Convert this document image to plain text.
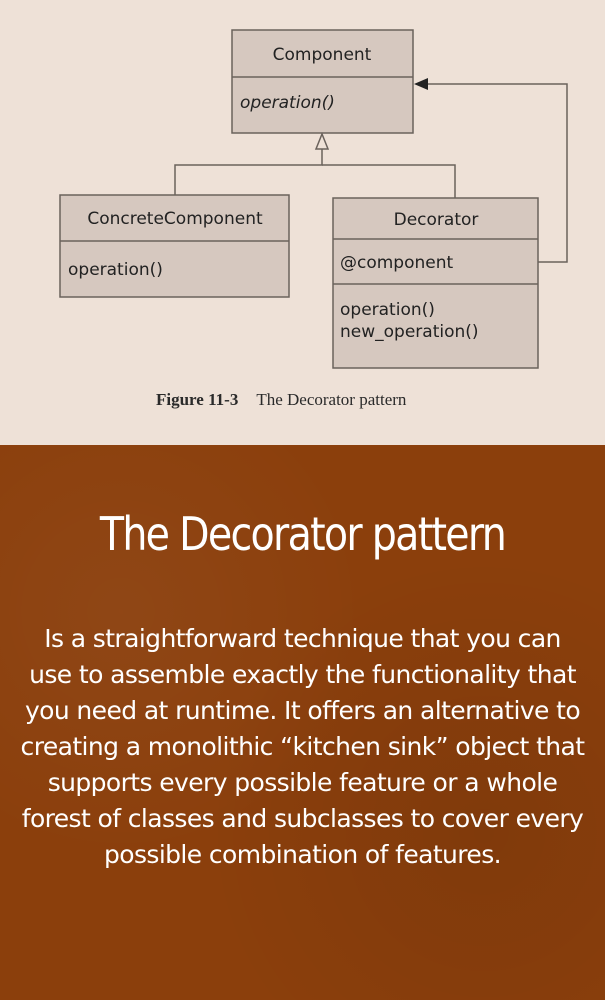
Component
operation()
ConcreteComponent
operation()
Decorator
@component
operation()
new_operation()
Figure 11-3 The Decorator pattern
The Decorator pattern

Is a straightforward technique that you can use to assemble exactly the functionality that you need at runtime. It offers an alternative to creating a monolithic “kitchen sink” object that supports every possible feature or a whole forest of classes and subclasses to cover every possible combination of features.
